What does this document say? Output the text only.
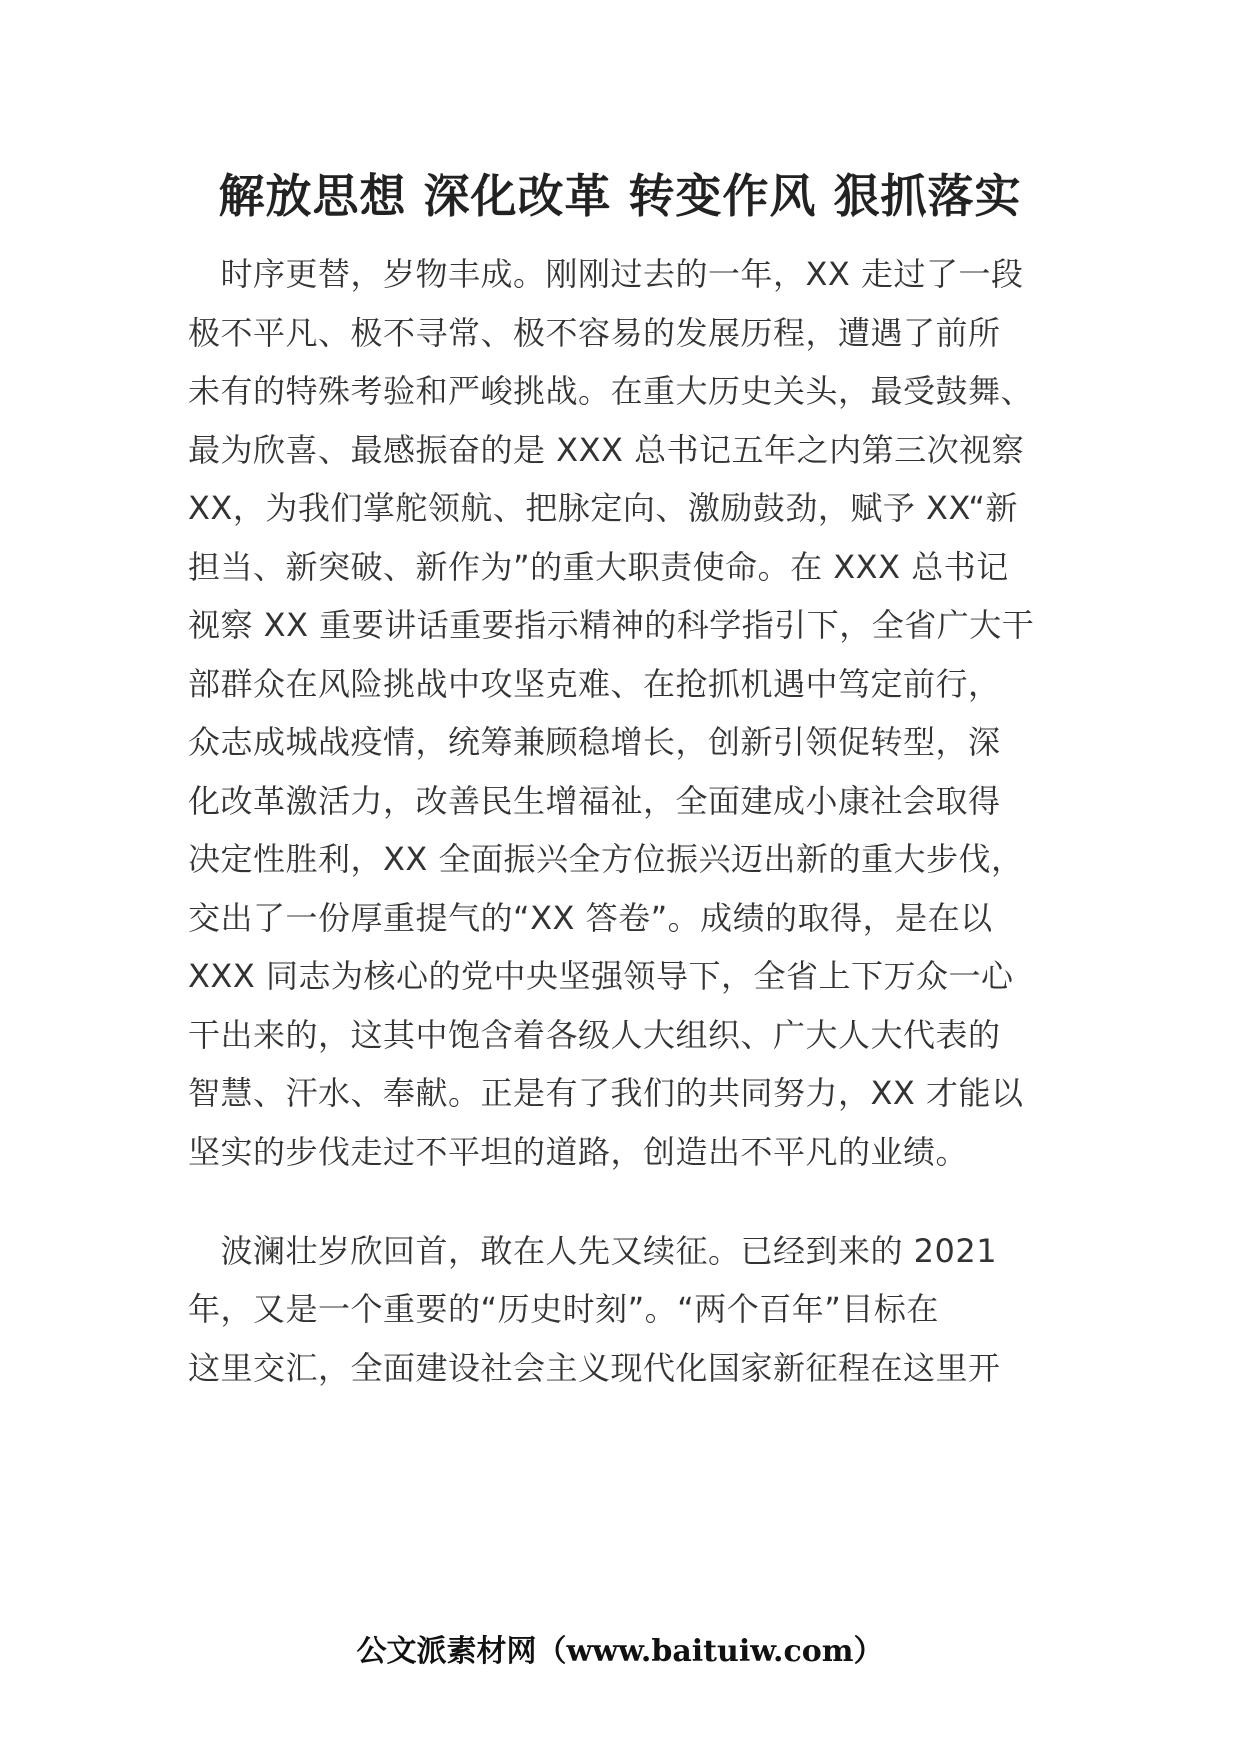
解放思想 深化改革 转变作风 狠抓落实
　时序更替，岁物丰成。刚刚过去的一年，XX 走过了一段
极不平凡、极不寻常、极不容易的发展历程，遭遇了前所
未有的特殊考验和严峻挑战。在重大历史关头，最受鼓舞、
最为欣喜、最感振奋的是 XXX 总书记五年之内第三次视察
XX，为我们掌舵领航、把脉定向、激励鼓劲，赋予 XX“新
担当、新突破、新作为”的重大职责使命。在 XXX 总书记
视察 XX 重要讲话重要指示精神的科学指引下，全省广大干
部群众在风险挑战中攻坚克难、在抢抓机遇中笃定前行，
众志成城战疫情，统筹兼顾稳增长，创新引领促转型，深
化改革激活力，改善民生增福祉，全面建成小康社会取得
决定性胜利，XX 全面振兴全方位振兴迈出新的重大步伐，
交出了一份厚重提气的“XX 答卷”。成绩的取得，是在以
XXX 同志为核心的党中央坚强领导下，全省上下万众一心
干出来的，这其中饱含着各级人大组织、广大人大代表的
智慧、汗水、奉献。正是有了我们的共同努力，XX 才能以
坚实的步伐走过不平坦的道路，创造出不平凡的业绩。
　波澜壮岁欣回首，敢在人先又续征。已经到来的 2021
年，又是一个重要的“历史时刻”。“两个百年”目标在
这里交汇，全面建设社会主义现代化国家新征程在这里开
公文派素材网（www.baituiw.com）
